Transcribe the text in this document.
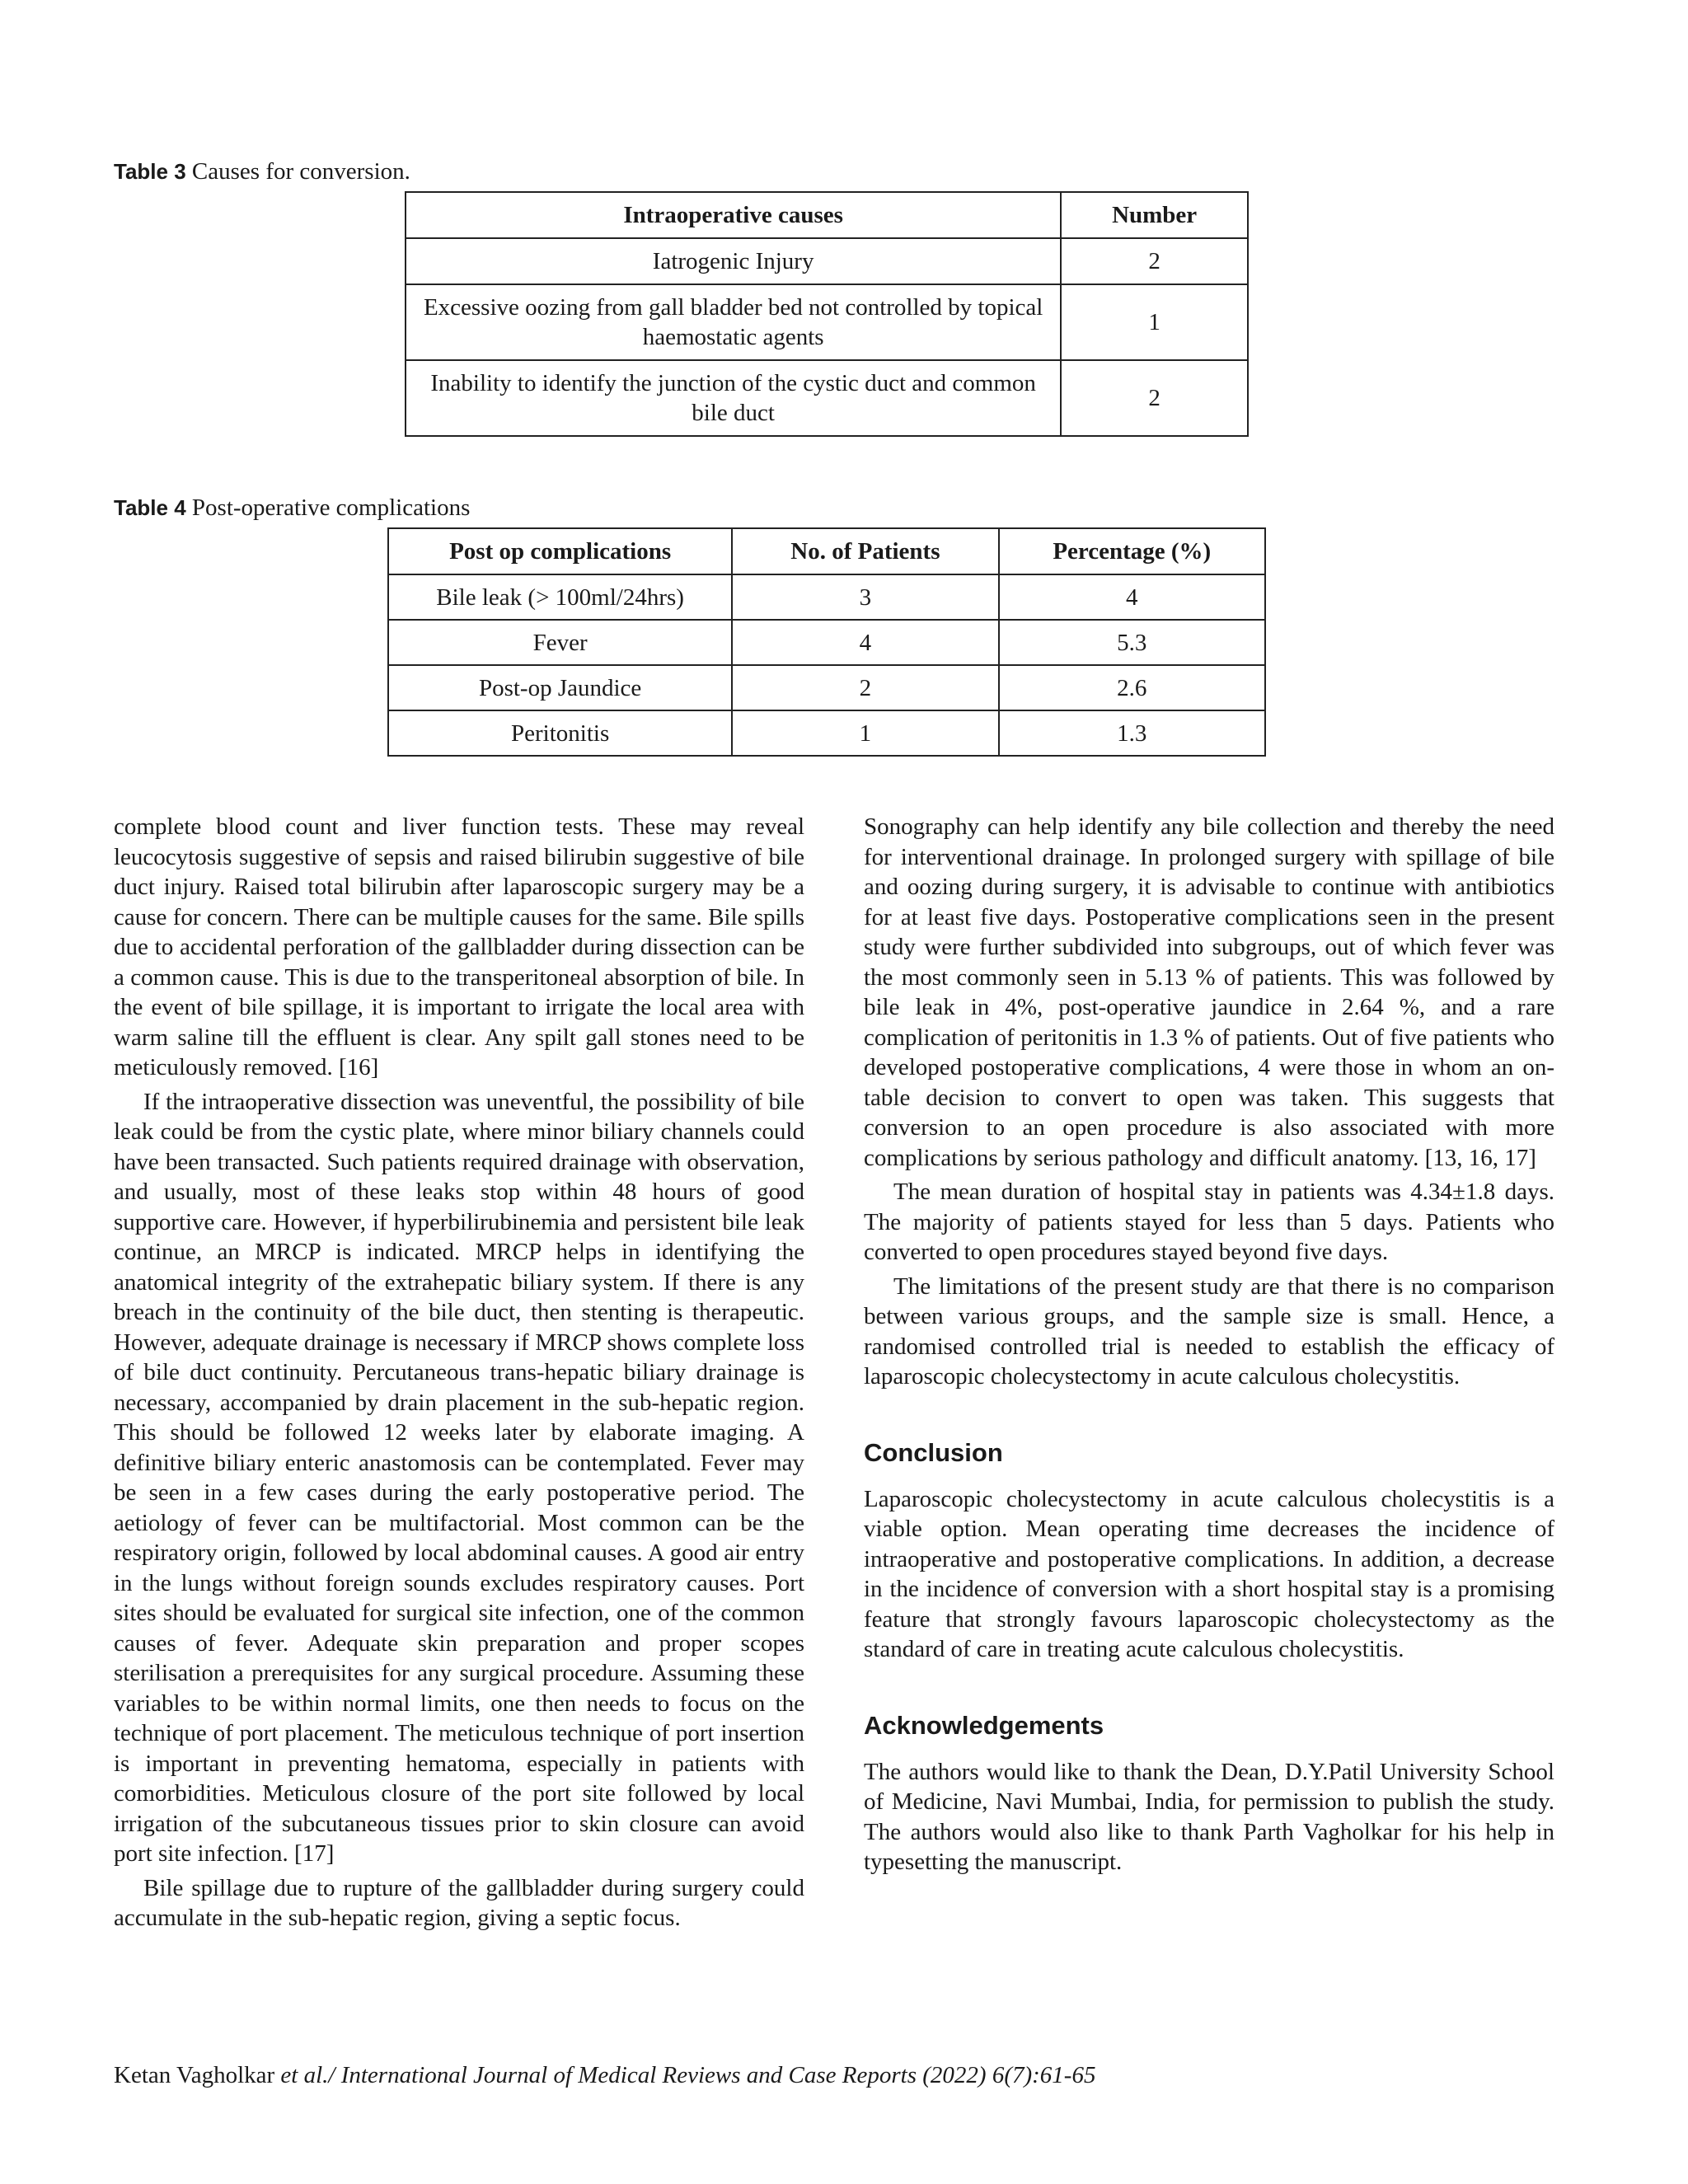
Table 3 Causes for conversion.
Intraoperative causes	Number
Iatrogenic Injury	2
Excessive oozing from gall bladder bed not controlled by topical haemostatic agents	1
Inability to identify the junction of the cystic duct and common bile duct	2
Table 4 Post-operative complications
Post op complications	No. of Patients	Percentage (%)
Bile leak (> 100ml/24hrs)	3	4
Fever	4	5.3
Post-op Jaundice	2	2.6
Peritonitis	1	1.3

complete blood count and liver function tests. These may reveal leucocytosis suggestive of sepsis and raised bilirubin suggestive of bile duct injury. Raised total bilirubin after laparoscopic surgery may be a cause for concern. There can be multiple causes for the same. Bile spills due to accidental perforation of the gallbladder during dissection can be a common cause. This is due to the transperitoneal absorption of bile. In the event of bile spillage, it is important to irrigate the local area with warm saline till the effluent is clear. Any spilt gall stones need to be meticulously removed. [16]

If the intraoperative dissection was uneventful, the possibility of bile leak could be from the cystic plate, where minor biliary channels could have been transacted. Such patients required drainage with observation, and usually, most of these leaks stop within 48 hours of good supportive care. However, if hyperbilirubinemia and persistent bile leak continue, an MRCP is indicated. MRCP helps in identifying the anatomical integrity of the extrahepatic biliary system. If there is any breach in the continuity of the bile duct, then stenting is therapeutic. However, adequate drainage is necessary if MRCP shows complete loss of bile duct continuity. Percutaneous trans-hepatic biliary drainage is necessary, accompanied by drain placement in the sub-hepatic region. This should be followed 12 weeks later by elaborate imaging. A definitive biliary enteric anastomosis can be contemplated. Fever may be seen in a few cases during the early postoperative period. The aetiology of fever can be multifactorial. Most common can be the respiratory origin, followed by local abdominal causes. A good air entry in the lungs without foreign sounds excludes respiratory causes. Port sites should be evaluated for surgical site infection, one of the common causes of fever. Adequate skin preparation and proper scopes sterilisation a prerequisites for any surgical procedure. Assuming these variables to be within normal limits, one then needs to focus on the technique of port placement. The meticulous technique of port insertion is important in preventing hematoma, especially in patients with comorbidities. Meticulous closure of the port site followed by local irrigation of the subcutaneous tissues prior to skin closure can avoid port site infection. [17]

Bile spillage due to rupture of the gallbladder during surgery could accumulate in the sub-hepatic region, giving a septic focus.

Sonography can help identify any bile collection and thereby the need for interventional drainage. In prolonged surgery with spillage of bile and oozing during surgery, it is advisable to continue with antibiotics for at least five days. Postoperative complications seen in the present study were further subdivided into subgroups, out of which fever was the most commonly seen in 5.13 % of patients. This was followed by bile leak in 4%, post-operative jaundice in 2.64 %, and a rare complication of peritonitis in 1.3 % of patients. Out of five patients who developed postoperative complications, 4 were those in whom an on-table decision to convert to open was taken. This suggests that conversion to an open procedure is also associated with more complications by serious pathology and difficult anatomy. [13, 16, 17]

The mean duration of hospital stay in patients was 4.34±1.8 days. The majority of patients stayed for less than 5 days. Patients who converted to open procedures stayed beyond five days.

The limitations of the present study are that there is no comparison between various groups, and the sample size is small. Hence, a randomised controlled trial is needed to establish the efficacy of laparoscopic cholecystectomy in acute calculous cholecystitis.

Conclusion

Laparoscopic cholecystectomy in acute calculous cholecystitis is a viable option. Mean operating time decreases the incidence of intraoperative and postoperative complications. In addition, a decrease in the incidence of conversion with a short hospital stay is a promising feature that strongly favours laparoscopic cholecystectomy as the standard of care in treating acute calculous cholecystitis.

Acknowledgements

The authors would like to thank the Dean, D.Y.Patil University School of Medicine, Navi Mumbai, India, for permission to publish the study. The authors would also like to thank Parth Vagholkar for his help in typesetting the manuscript.

Ketan Vagholkar et al./ International Journal of Medical Reviews and Case Reports (2022) 6(7):61-65
